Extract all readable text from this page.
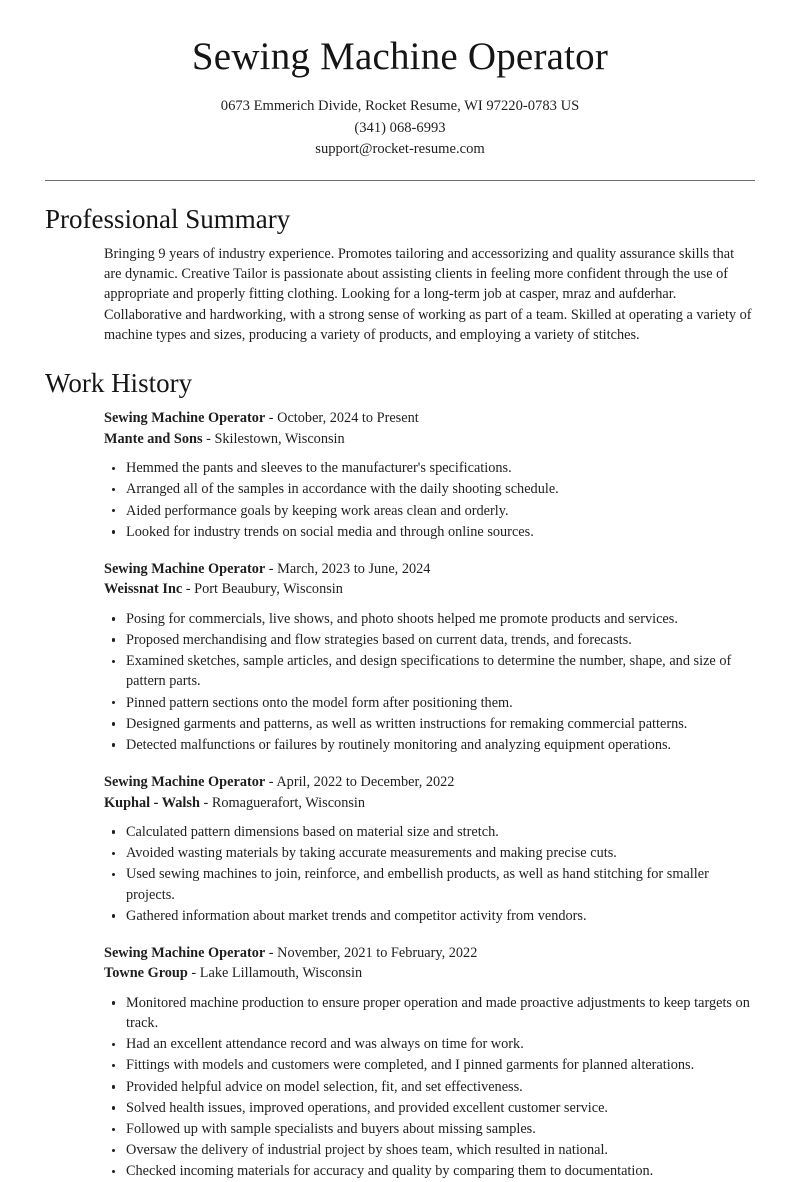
Sewing Machine Operator

0673 Emmerich Divide, Rocket Resume, WI 97220-0783 US

(341) 068-6993

support@rocket-resume.com

Professional Summary

Bringing 9 years of industry experience. Promotes tailoring and accessorizing and quality assurance skills that are dynamic. Creative Tailor is passionate about assisting clients in feeling more confident through the use of appropriate and properly fitting clothing. Looking for a long-term job at casper, mraz and aufderhar. Collaborative and hardworking, with a strong sense of working as part of a team. Skilled at operating a variety of machine types and sizes, producing a variety of products, and employing a variety of stitches.

Work History
Sewing Machine Operator - October, 2024 to Present
Mante and Sons - Skilestown, Wisconsin
Hemmed the pants and sleeves to the manufacturer's specifications.
Arranged all of the samples in accordance with the daily shooting schedule.
Aided performance goals by keeping work areas clean and orderly.
Looked for industry trends on social media and through online sources.
Sewing Machine Operator - March, 2023 to June, 2024
Weissnat Inc - Port Beaubury, Wisconsin
Posing for commercials, live shows, and photo shoots helped me promote products and services.
Proposed merchandising and flow strategies based on current data, trends, and forecasts.
Examined sketches, sample articles, and design specifications to determine the number, shape, and size of pattern parts.
Pinned pattern sections onto the model form after positioning them.
Designed garments and patterns, as well as written instructions for remaking commercial patterns.
Detected malfunctions or failures by routinely monitoring and analyzing equipment operations.
Sewing Machine Operator - April, 2022 to December, 2022
Kuphal - Walsh - Romaguerafort, Wisconsin
Calculated pattern dimensions based on material size and stretch.
Avoided wasting materials by taking accurate measurements and making precise cuts.
Used sewing machines to join, reinforce, and embellish products, as well as hand stitching for smaller projects.
Gathered information about market trends and competitor activity from vendors.
Sewing Machine Operator - November, 2021 to February, 2022
Towne Group - Lake Lillamouth, Wisconsin
Monitored machine production to ensure proper operation and made proactive adjustments to keep targets on track.
Had an excellent attendance record and was always on time for work.
Fittings with models and customers were completed, and I pinned garments for planned alterations.
Provided helpful advice on model selection, fit, and set effectiveness.
Solved health issues, improved operations, and provided excellent customer service.
Followed up with sample specialists and buyers about missing samples.
Oversaw the delivery of industrial project by shoes team, which resulted in national.
Checked incoming materials for accuracy and quality by comparing them to documentation.
